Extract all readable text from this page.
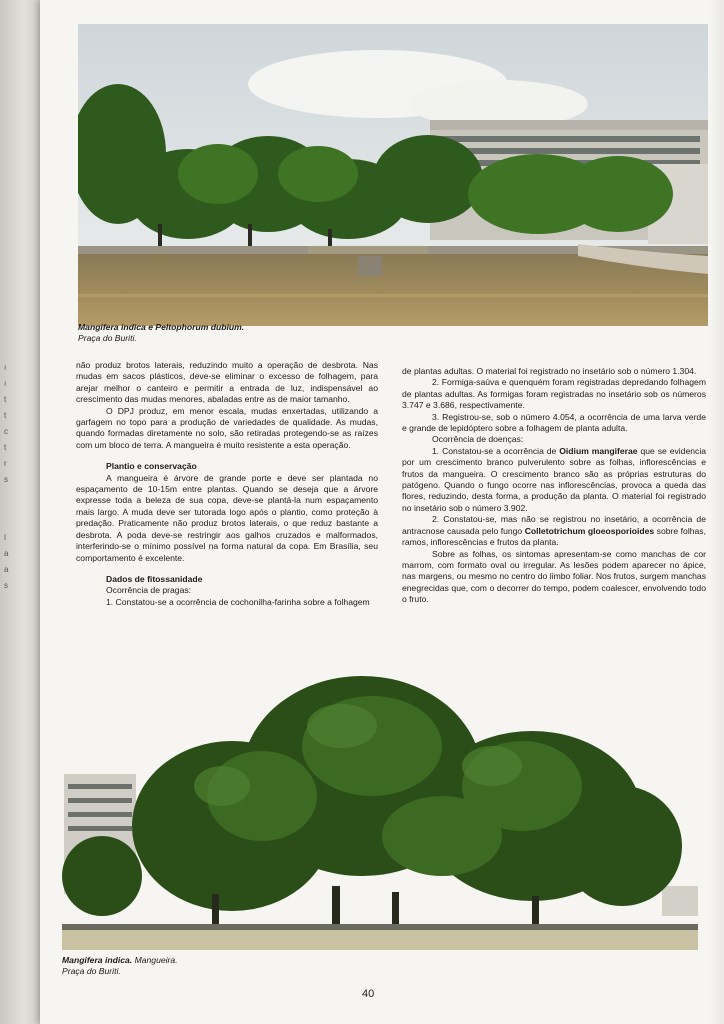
ı
ı
t
t
c
t
r
s
ǀ
a
a
s
Mangifera indica e Peltophorum dubium.
Praça do Buriti.

não produz brotos laterais, reduzindo muito a operação de desbrota. Nas mudas em sacos plásticos, deve-se eliminar o excesso de folhagem, para arejar melhor o canteiro e permitir a entrada de luz, indispensável ao crescimento das mudas menores, abaladas entre as de maior tamanho.

O DPJ produz, em menor escala, mudas enxertadas, utilizando a garfagem no topo para a produção de variedades de qualidade. As mudas, quando formadas diretamente no solo, são retiradas protegendo-se as raízes com um bloco de terra. A mangueira é muito resistente a esta operação.

Plantio e conservação

A mangueira é árvore de grande porte e deve ser plantada no espaçamento de 10-15m entre plantas. Quando se deseja que a árvore expresse toda a beleza de sua copa, deve-se plantá-la num espaçamento mais largo. A muda deve ser tutorada logo após o plantio, como proteção à predação. Praticamente não produz brotos laterais, o que reduz bastante a desbrota. A poda deve-se restringir aos galhos cruzados e malformados, interferindo-se o mínimo possível na forma natural da copa. Em Brasília, seu comportamento é excelente.

Dados de fitossanidade

Ocorrência de pragas:

1. Constatou-se a ocorrência de cochonilha-farinha sobre a folhagem

de plantas adultas. O material foi registrado no insetário sob o número 1.304.

2. Formiga-saúva e quenquém foram registradas depredando folhagem de plantas adultas. As formigas foram registradas no insetário sob os números 3.747 e 3.686, respectivamente.

3. Registrou-se, sob o número 4.054, a ocorrência de uma larva verde e grande de lepidóptero sobre a folhagem de planta adulta.

Ocorrência de doenças:

1. Constatou-se a ocorrência de Oidium mangiferae que se evidencia por um crescimento branco pulverulento sobre as folhas, inflorescências e frutos da mangueira. O crescimento branco são as próprias estruturas do patógeno. Quando o fungo ocorre nas inflorescências, provoca a queda das flores, reduzindo, desta forma, a produção da planta. O material foi registrado no insetário sob o número 3.902.

2. Constatou-se, mas não se registrou no insetário, a ocorrência de antracnose causada pelo fungo Colletotrichum gloeosporioides sobre folhas, ramos, inflorescências e frutos da planta.

Sobre as folhas, os sintomas apresentam-se como manchas de cor marrom, com formato oval ou irregular. As lesões podem aparecer no ápice, nas margens, ou mesmo no centro do limbo foliar. Nos frutos, surgem manchas enegrecidas que, com o decorrer do tempo, podem coalescer, envolvendo todo o fruto.

Mangifera indica. Mangueira.
Praça do Buriti.
40
